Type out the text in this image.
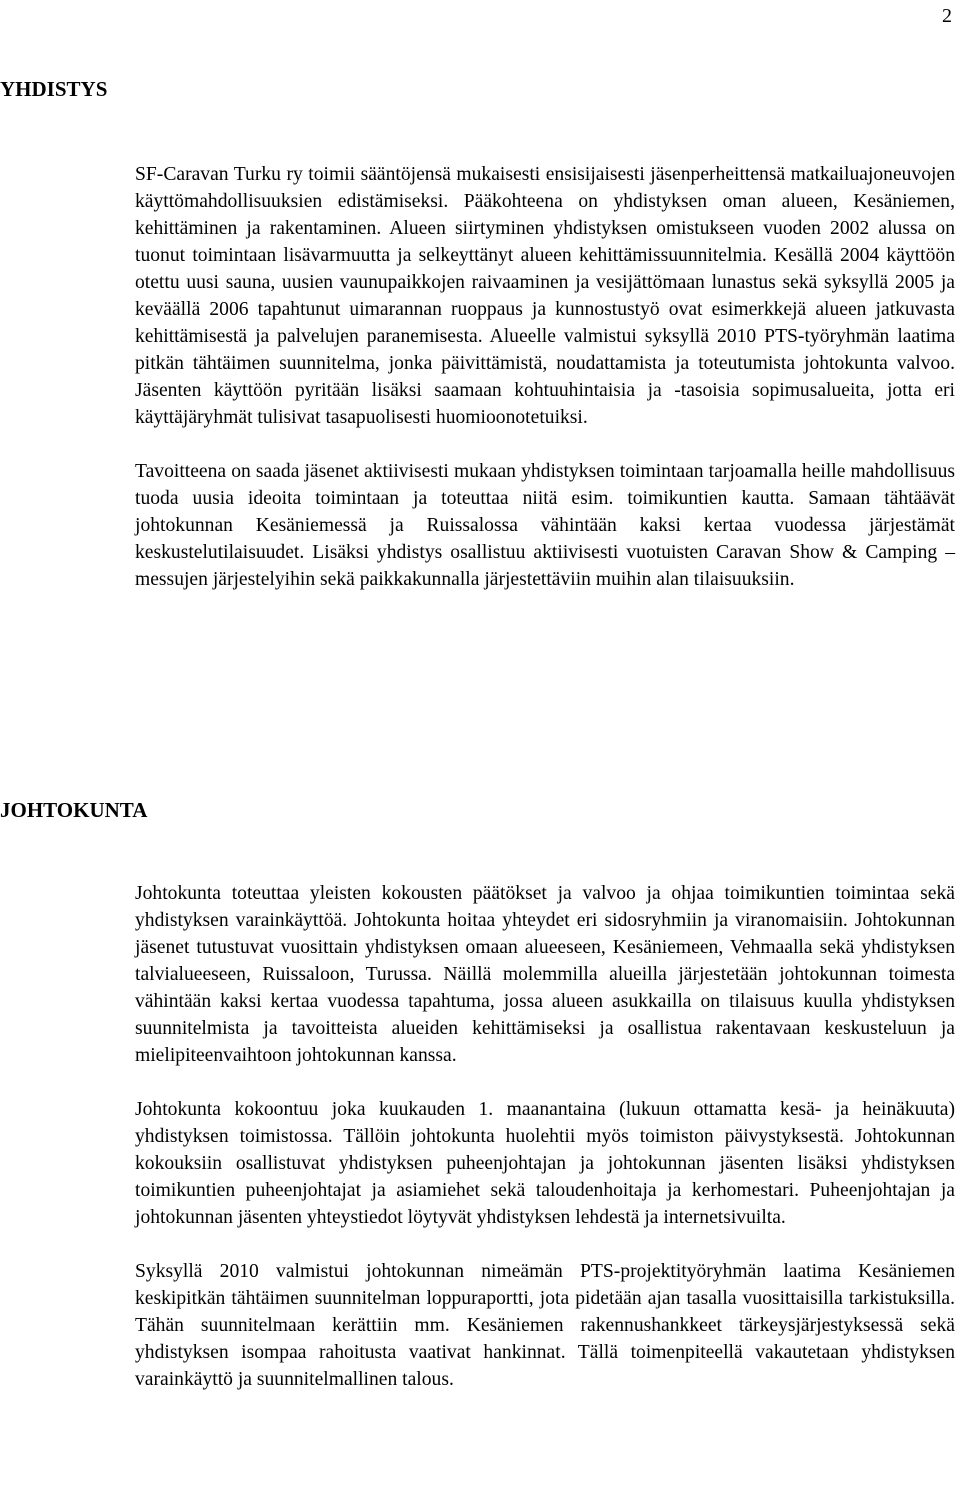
2
YHDISTYS

SF-Caravan Turku ry toimii sääntöjensä mukaisesti ensisijaisesti jäsenperheittensä matkailuajoneuvojen käyttömahdollisuuksien edistämiseksi. Pääkohteena on yhdistyksen oman alueen, Kesäniemen, kehittäminen ja rakentaminen. Alueen siirtyminen yhdistyksen omistukseen vuoden 2002 alussa on tuonut toimintaan lisävarmuutta ja selkeyttänyt alueen kehittämissuunnitelmia. Kesällä 2004 käyttöön otettu uusi sauna, uusien vaunupaikkojen raivaaminen ja vesijättömaan lunastus sekä syksyllä 2005 ja keväällä 2006 tapahtunut uimarannan ruoppaus ja kunnostustyö ovat esimerkkejä alueen jatkuvasta kehittämisestä ja palvelujen paranemisesta. Alueelle valmistui syksyllä 2010 PTS-työryhmän laatima pitkän tähtäimen suunnitelma, jonka päivittämistä, noudattamista ja toteutumista johtokunta valvoo. Jäsenten käyttöön pyritään lisäksi saamaan kohtuuhintaisia ja -tasoisia sopimusalueita, jotta eri käyttäjäryhmät tulisivat tasapuolisesti huomioonotetuiksi.

Tavoitteena on saada jäsenet aktiivisesti mukaan yhdistyksen toimintaan tarjoamalla heille mahdollisuus tuoda uusia ideoita toimintaan ja toteuttaa niitä esim. toimikuntien kautta. Samaan tähtäävät johtokunnan Kesäniemessä ja Ruissalossa vähintään kaksi kertaa vuodessa järjestämät keskustelutilaisuudet. Lisäksi yhdistys osallistuu aktiivisesti vuotuisten Caravan Show & Camping –messujen järjestelyihin sekä paikkakunnalla järjestettäviin muihin alan tilaisuuksiin.

JOHTOKUNTA

Johtokunta toteuttaa yleisten kokousten päätökset ja valvoo ja ohjaa toimikuntien toimintaa sekä yhdistyksen varainkäyttöä. Johtokunta hoitaa yhteydet eri sidosryhmiin ja viranomaisiin. Johtokunnan jäsenet tutustuvat vuosittain yhdistyksen omaan alueeseen, Kesäniemeen, Vehmaalla sekä yhdistyksen talvialueeseen, Ruissaloon, Turussa. Näillä molemmilla alueilla järjestetään johtokunnan toimesta vähintään kaksi kertaa vuodessa tapahtuma, jossa alueen asukkailla on tilaisuus kuulla yhdistyksen suunnitelmista ja tavoitteista alueiden kehittämiseksi ja osallistua rakentavaan keskusteluun ja mielipiteenvaihtoon johtokunnan kanssa.

Johtokunta kokoontuu joka kuukauden 1. maanantaina (lukuun ottamatta kesä- ja heinäkuuta) yhdistyksen toimistossa. Tällöin johtokunta huolehtii myös toimiston päivystyksestä. Johtokunnan kokouksiin osallistuvat yhdistyksen puheenjohtajan ja johtokunnan jäsenten lisäksi yhdistyksen toimikuntien puheenjohtajat ja asiamiehet sekä taloudenhoitaja ja kerhomestari. Puheenjohtajan ja johtokunnan jäsenten yhteystiedot löytyvät yhdistyksen lehdestä ja internetsivuilta.

Syksyllä 2010 valmistui johtokunnan nimeämän PTS-projektityöryhmän laatima Kesäniemen keskipitkän tähtäimen suunnitelman loppuraportti, jota pidetään ajan tasalla vuosittaisilla tarkistuksilla. Tähän suunnitelmaan kerättiin mm. Kesäniemen rakennushankkeet tärkeysjärjestyksessä sekä yhdistyksen isompaa rahoitusta vaativat hankinnat. Tällä toimenpiteellä vakautetaan yhdistyksen varainkäyttö ja suunnitelmallinen talous.
